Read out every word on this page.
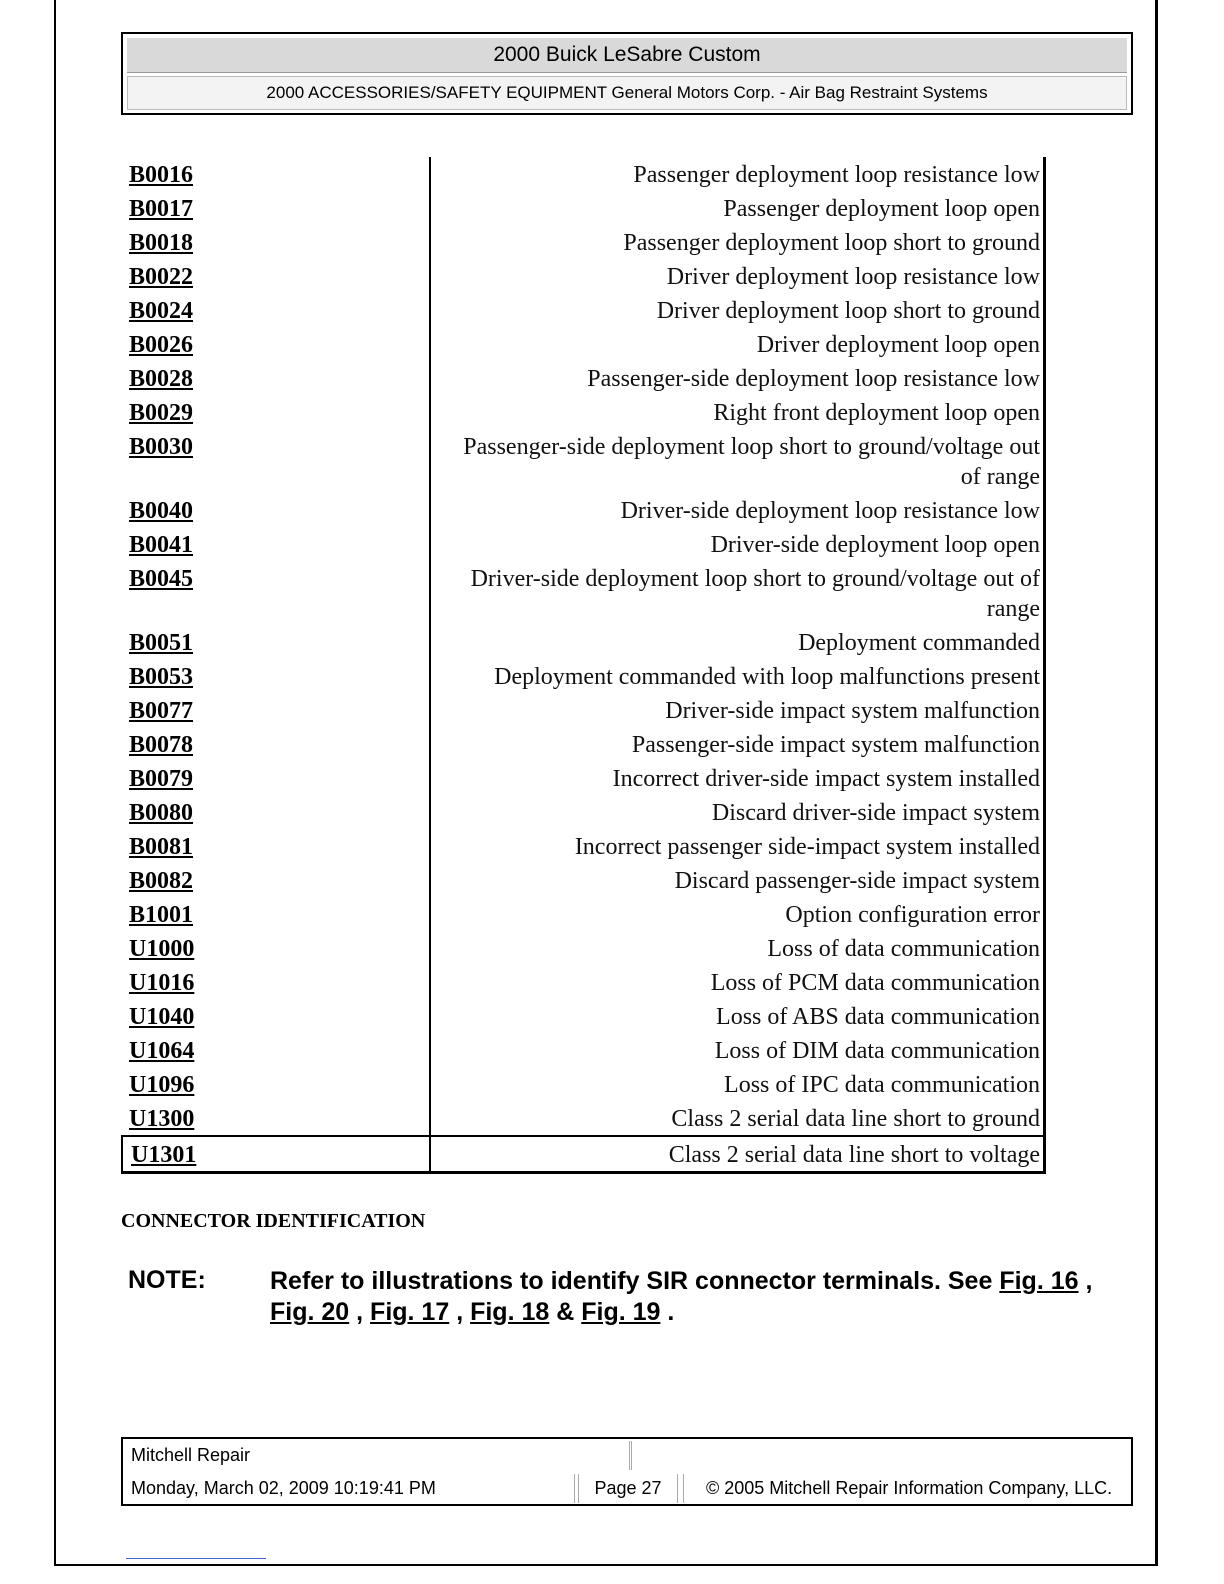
2000 Buick LeSabre Custom
2000 ACCESSORIES/SAFETY EQUIPMENT General Motors Corp. - Air Bag Restraint Systems
B0016	Passenger deployment loop resistance low
B0017	Passenger deployment loop open
B0018	Passenger deployment loop short to ground
B0022	Driver deployment loop resistance low
B0024	Driver deployment loop short to ground
B0026	Driver deployment loop open
B0028	Passenger-side deployment loop resistance low
B0029	Right front deployment loop open
B0030	Passenger-side deployment loop short to ground/voltage out of range
B0040	Driver-side deployment loop resistance low
B0041	Driver-side deployment loop open
B0045	Driver-side deployment loop short to ground/voltage out of range
B0051	Deployment commanded
B0053	Deployment commanded with loop malfunctions present
B0077	Driver-side impact system malfunction
B0078	Passenger-side impact system malfunction
B0079	Incorrect driver-side impact system installed
B0080	Discard driver-side impact system
B0081	Incorrect passenger side-impact system installed
B0082	Discard passenger-side impact system
B1001	Option configuration error
U1000	Loss of data communication
U1016	Loss of PCM data communication
U1040	Loss of ABS data communication
U1064	Loss of DIM data communication
U1096	Loss of IPC data communication
U1300	Class 2 serial data line short to ground
U1301	Class 2 serial data line short to voltage
CONNECTOR IDENTIFICATION
NOTE:	Refer to illustrations to identify SIR connector terminals. See Fig. 16 , Fig. 20 , Fig. 17 , Fig. 18 & Fig. 19 .
Mitchell Repair
Monday, March 02, 2009 10:19:41 PM	Page 27	© 2005 Mitchell Repair Information Company, LLC.
